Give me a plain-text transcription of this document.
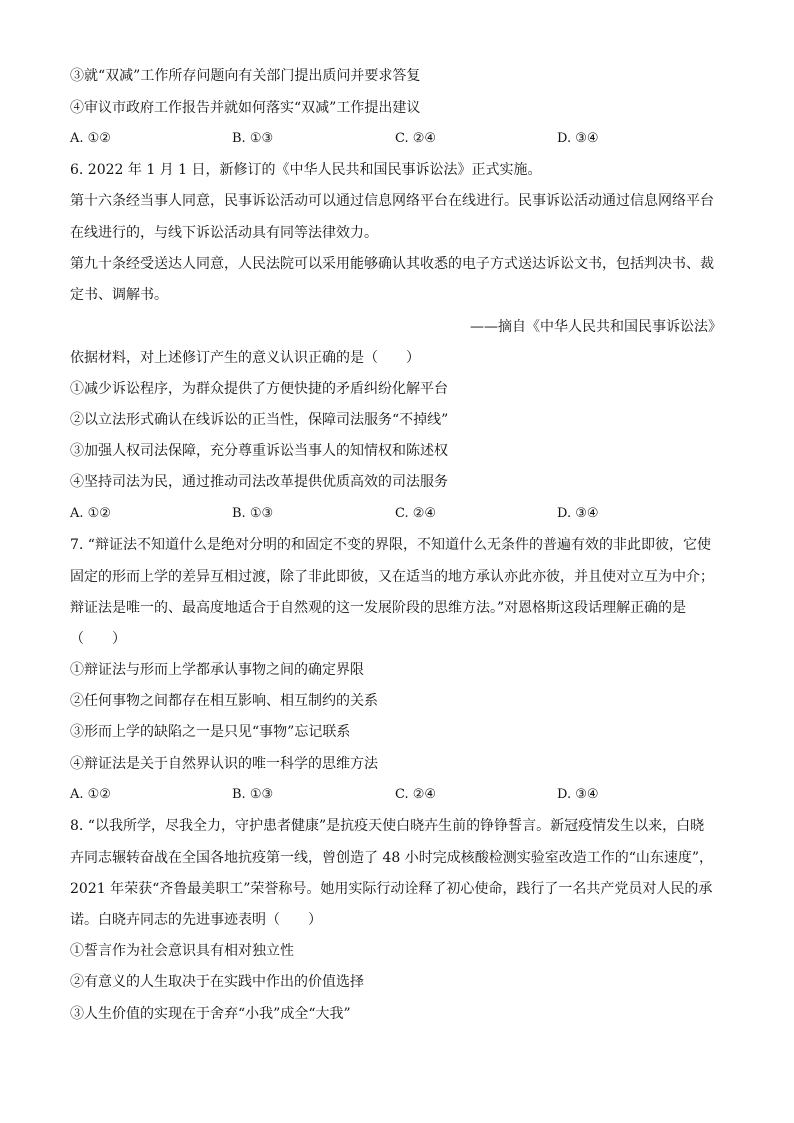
③就“双减”工作所存问题向有关部门提出质问并要求答复
④审议市政府工作报告并就如何落实“双减”工作提出建议
A. ①②	B. ①③	C. ②④	D. ③④
6. 2022 年 1 月 1 日，新修订的《中华人民共和国民事诉讼法》正式实施。
第十六条经当事人同意，民事诉讼活动可以通过信息网络平台在线进行。民事诉讼活动通过信息网络平台
在线进行的，与线下诉讼活动具有同等法律效力。
第九十条经受送达人同意，人民法院可以采用能够确认其收悉的电子方式送达诉讼文书，包括判决书、裁
定书、调解书。
——摘自《中华人民共和国民事诉讼法》
依据材料，对上述修订产生的意义认识正确的是（　　）
①减少诉讼程序，为群众提供了方便快捷的矛盾纠纷化解平台
②以立法形式确认在线诉讼的正当性，保障司法服务“不掉线”
③加强人权司法保障，充分尊重诉讼当事人的知情权和陈述权
④坚持司法为民，通过推动司法改革提供优质高效的司法服务
A. ①②	B. ①③	C. ②④	D. ③④
7. “辩证法不知道什么是绝对分明的和固定不变的界限，不知道什么无条件的普遍有效的非此即彼，它使
固定的形而上学的差异互相过渡，除了非此即彼，又在适当的地方承认亦此亦彼，并且使对立互为中介；
辩证法是唯一的、最高度地适合于自然观的这一发展阶段的思维方法。”对恩格斯这段话理解正确的是
（　　）
①辩证法与形而上学都承认事物之间的确定界限
②任何事物之间都存在相互影响、相互制约的关系
③形而上学的缺陷之一是只见“事物”忘记联系
④辩证法是关于自然界认识的唯一科学的思维方法
A. ①②	B. ①③	C. ②④	D. ③④
8. “以我所学，尽我全力，守护患者健康”是抗疫天使白晓卉生前的铮铮誓言。新冠疫情发生以来，白晓
卉同志辗转奋战在全国各地抗疫第一线，曾创造了 48 小时完成核酸检测实验室改造工作的“山东速度”，
2021 年荣获“齐鲁最美职工”荣誉称号。她用实际行动诠释了初心使命，践行了一名共产党员对人民的承
诺。白晓卉同志的先进事迹表明（　　）
①誓言作为社会意识具有相对独立性
②有意义的人生取决于在实践中作出的价值选择
③人生价值的实现在于舍弃“小我”成全“大我”
